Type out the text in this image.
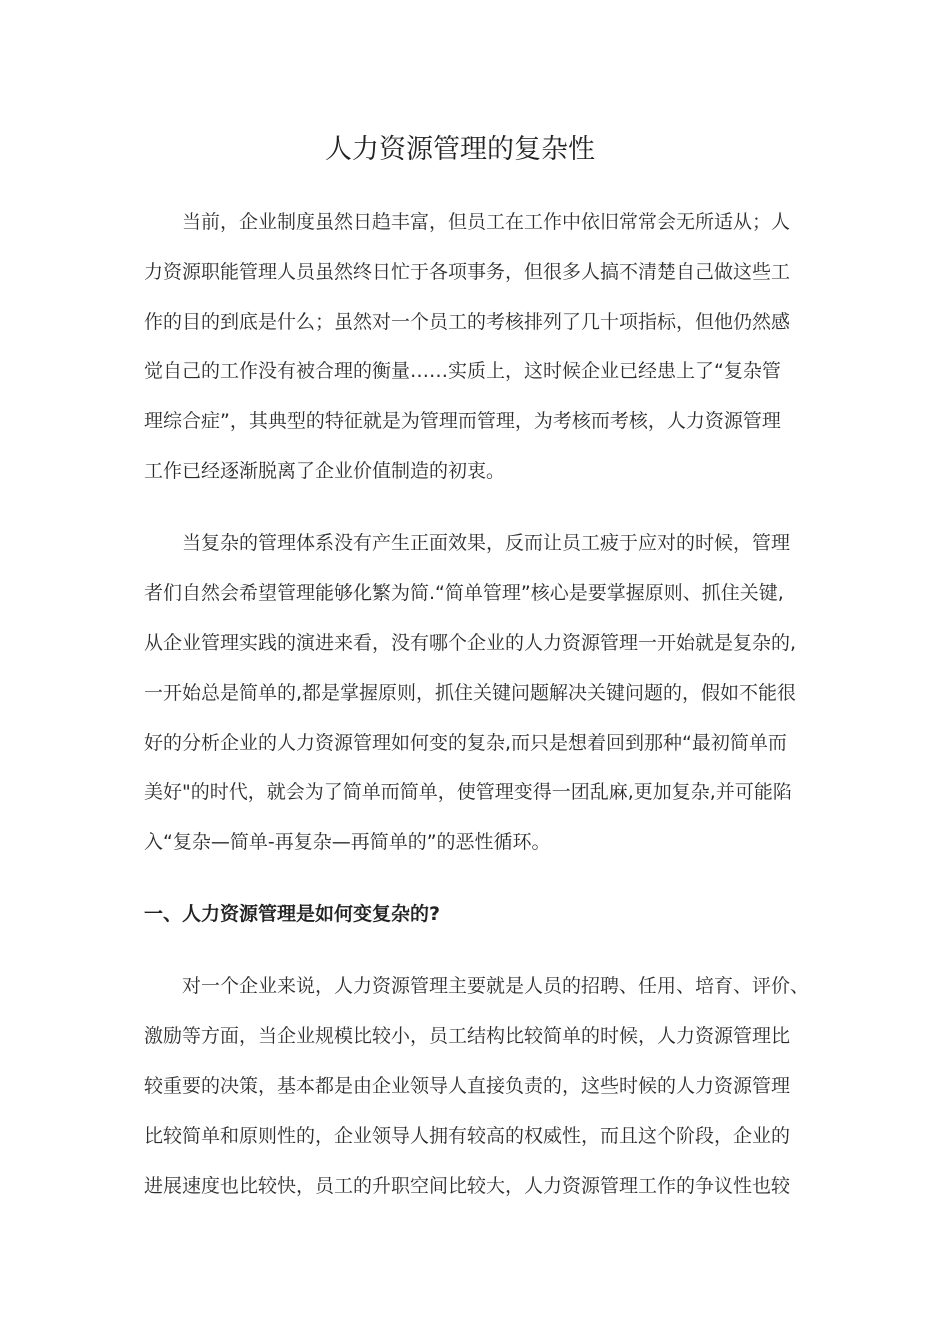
人力资源管理的复杂性

当前，企业制度虽然日趋丰富，但员工在工作中依旧常常会无所适从；人

力资源职能管理人员虽然终日忙于各项事务，但很多人搞不清楚自己做这些工

作的目的到底是什么；虽然对一个员工的考核排列了几十项指标，但他仍然感

觉自己的工作没有被合理的衡量……实质上，这时候企业已经患上了“复杂管

理综合症”，其典型的特征就是为管理而管理，为考核而考核，人力资源管理

工作已经逐渐脱离了企业价值制造的初衷。

当复杂的管理体系没有产生正面效果，反而让员工疲于应对的时候，管理

者们自然会希望管理能够化繁为简.“简单管理”核心是要掌握原则、抓住关键,

从企业管理实践的演进来看，没有哪个企业的人力资源管理一开始就是复杂的,

一开始总是简单的,都是掌握原则，抓住关键问题解决关键问题的，假如不能很

好的分析企业的人力资源管理如何变的复杂,而只是想着回到那种“最初简单而

美好"的时代，就会为了简单而简单，使管理变得一团乱麻,更加复杂,并可能陷

入“复杂—简单-再复杂—再简单的”的恶性循环。

一、人力资源管理是如何变复杂的?

对一个企业来说，人力资源管理主要就是人员的招聘、任用、培育、评价、

激励等方面，当企业规模比较小，员工结构比较简单的时候，人力资源管理比

较重要的决策，基本都是由企业领导人直接负责的，这些时候的人力资源管理

比较简单和原则性的，企业领导人拥有较高的权威性，而且这个阶段，企业的

进展速度也比较快，员工的升职空间比较大，人力资源管理工作的争议性也较
